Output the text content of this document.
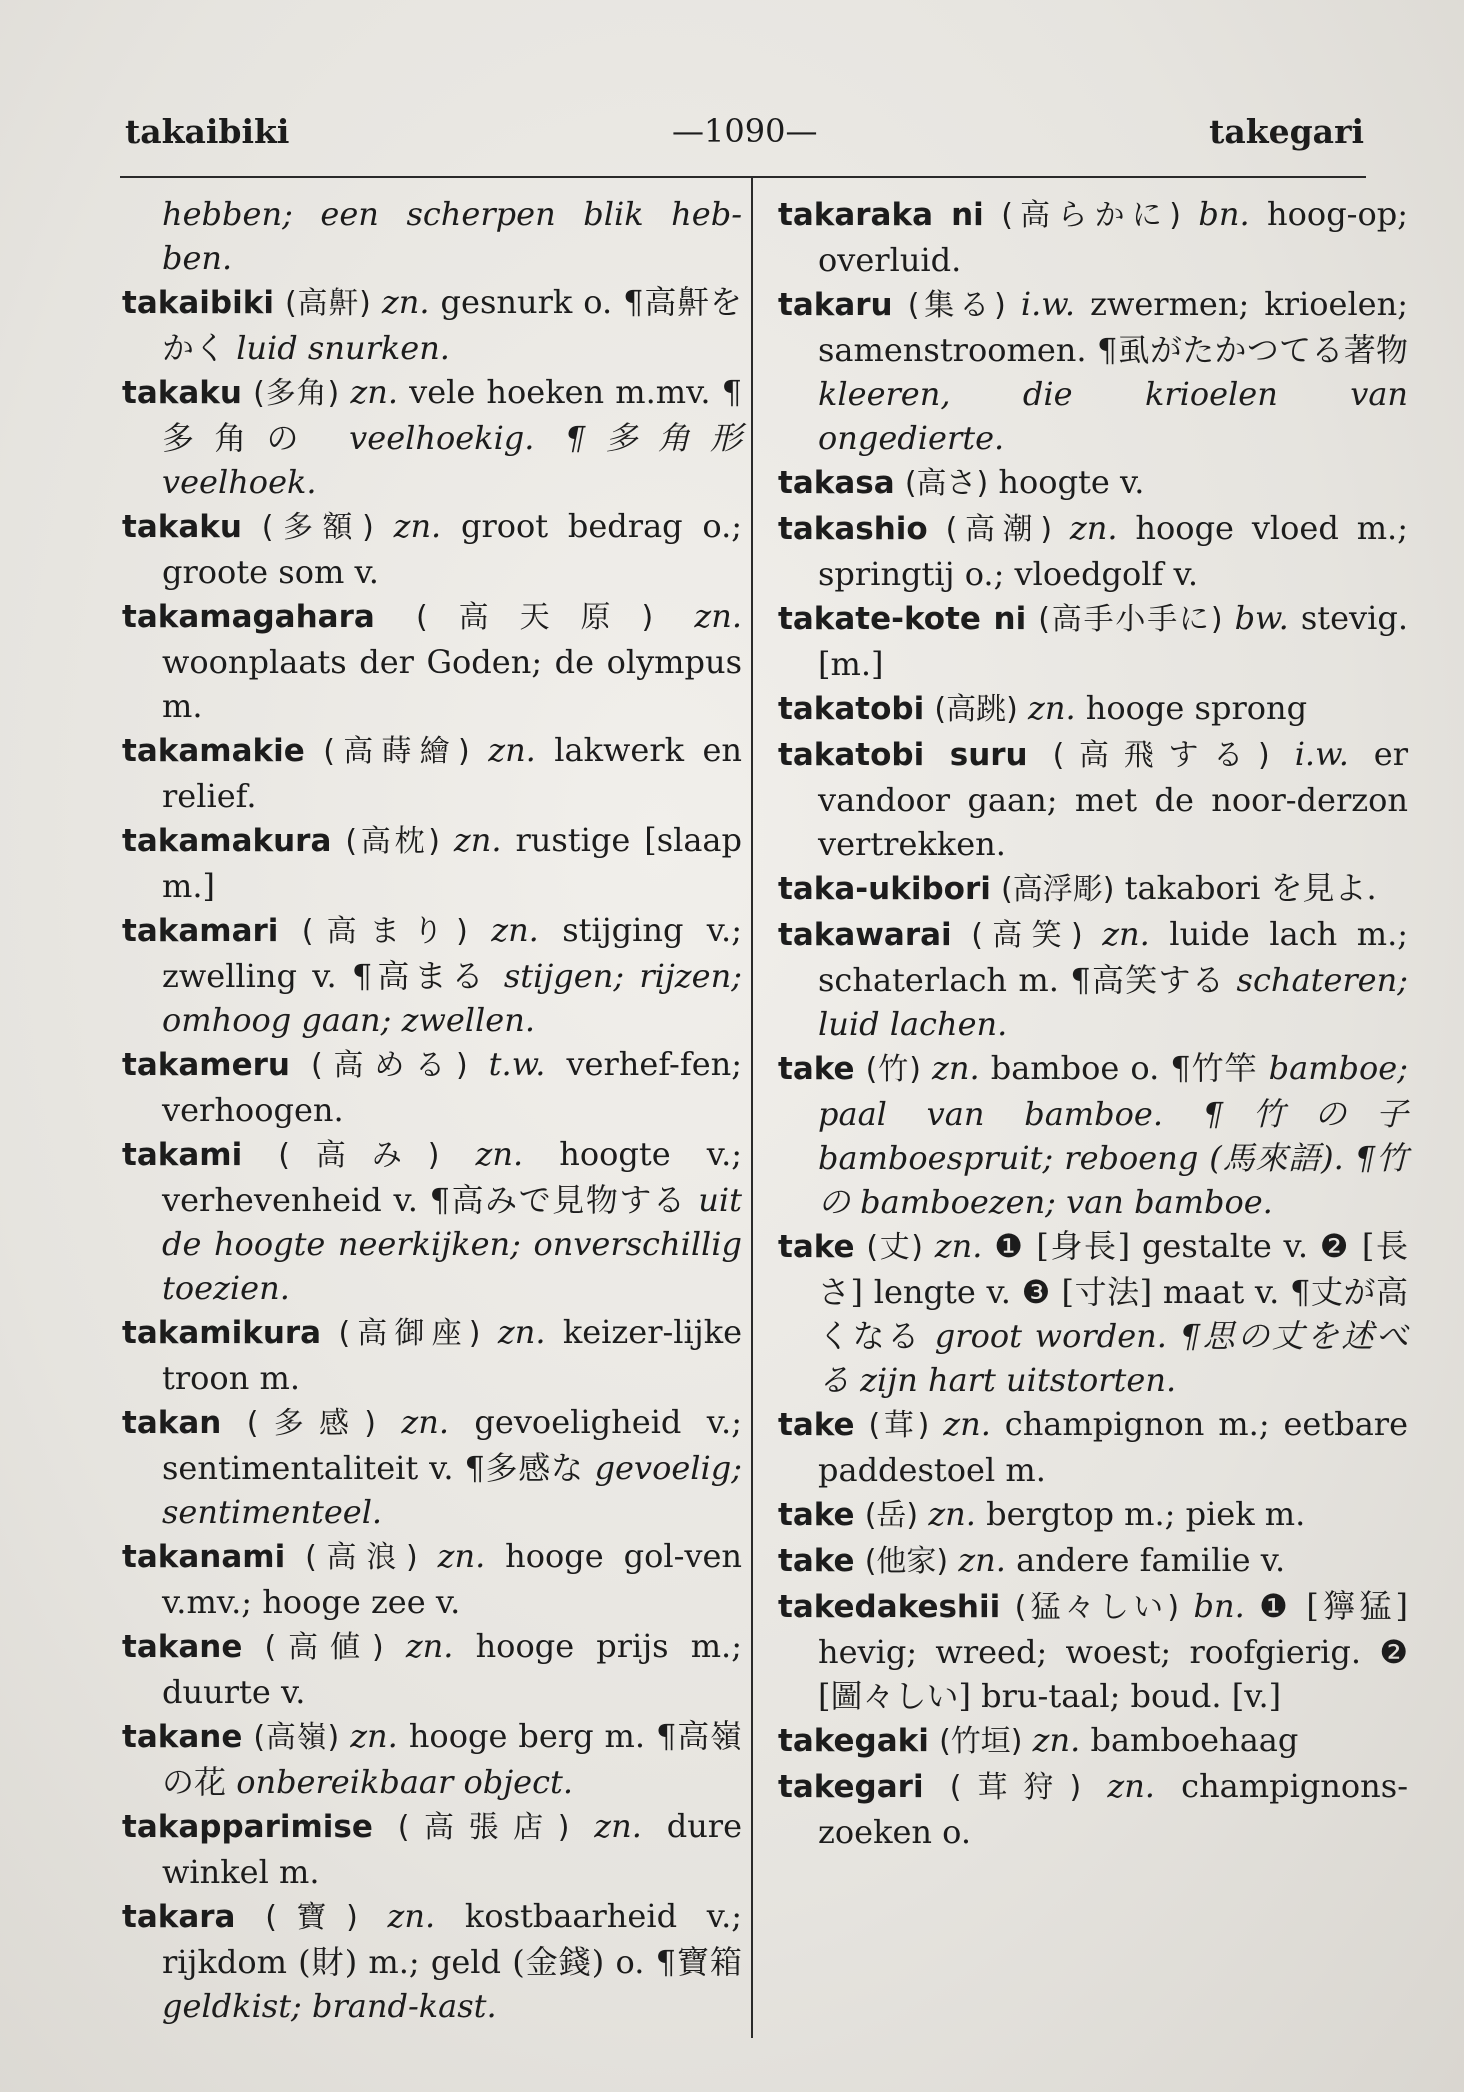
takaibiki	—1090—	takegari
hebben; een scherpen blik heb-ben.
takaibiki (高鼾) zn. gesnurk o. ¶高鼾をかく luid snurken.
takaku (多角) zn. vele hoeken m.mv. ¶多角の veelhoekig. ¶多角形 veelhoek.
takaku (多額) zn. groot bedrag o.; groote som v.
takamagahara (高天原) zn. woonplaats der Goden; de olympus m.
takamakie (高蒔繪) zn. lakwerk en relief.
takamakura (高枕) zn. rustige [slaap m.]
takamari (高まり) zn. stijging v.; zwelling v. ¶高まる stijgen; rijzen; omhoog gaan; zwellen.
takameru (高める) t.w. verhef-fen; verhoogen.
takami (高み) zn. hoogte v.; verhevenheid v. ¶高みで見物する uit de hoogte neerkijken; onverschillig toezien.
takamikura (高御座) zn. keizer-lijke troon m.
takan (多感) zn. gevoeligheid v.; sentimentaliteit v. ¶多感な gevoelig; sentimenteel.
takanami (高浪) zn. hooge gol-ven v.mv.; hooge zee v.
takane (高値) zn. hooge prijs m.; duurte v.
takane (高嶺) zn. hooge berg m. ¶高嶺の花 onbereikbaar object.
takapparimise (高張店) zn. dure winkel m.
takara (寶) zn. kostbaarheid v.; rijkdom (財) m.; geld (金錢) o. ¶寶箱 geldkist; brand-kast.
takaraka ni (高らかに) bn. hoog-op; overluid.
takaru (集る) i.w. zwermen; krioelen; samenstroomen. ¶虱がたかつてる著物 kleeren, die krioelen van ongedierte.
takasa (高さ) hoogte v.
takashio (高潮) zn. hooge vloed m.; springtij o.; vloedgolf v.
takate-kote ni (高手小手に) bw. stevig. [m.]
takatobi (高跳) zn. hooge sprong
takatobi suru (高飛する) i.w. er vandoor gaan; met de noor-derzon vertrekken.
taka-ukibori (高浮彫) takabori を見よ.
takawarai (高笑) zn. luide lach m.; schaterlach m. ¶高笑する schateren; luid lachen.
take (竹) zn. bamboe o. ¶竹竿 bamboe; paal van bamboe. ¶竹の子 bamboespruit; reboeng (馬來語). ¶竹の bamboezen; van bamboe.
take (丈) zn. ❶ [身長] gestalte v. ❷ [長さ] lengte v. ❸ [寸法] maat v. ¶丈が高くなる groot worden. ¶思の丈を述べる zijn hart uitstorten.
take (茸) zn. champignon m.; eetbare paddestoel m.
take (岳) zn. bergtop m.; piek m.
take (他家) zn. andere familie v.
takedakeshii (猛々しい) bn. ❶ [獰猛] hevig; wreed; woest; roofgierig. ❷ [圖々しい] bru-taal; boud. [v.]
takegaki (竹垣) zn. bamboehaag
takegari (茸狩) zn. champignons-zoeken o.
